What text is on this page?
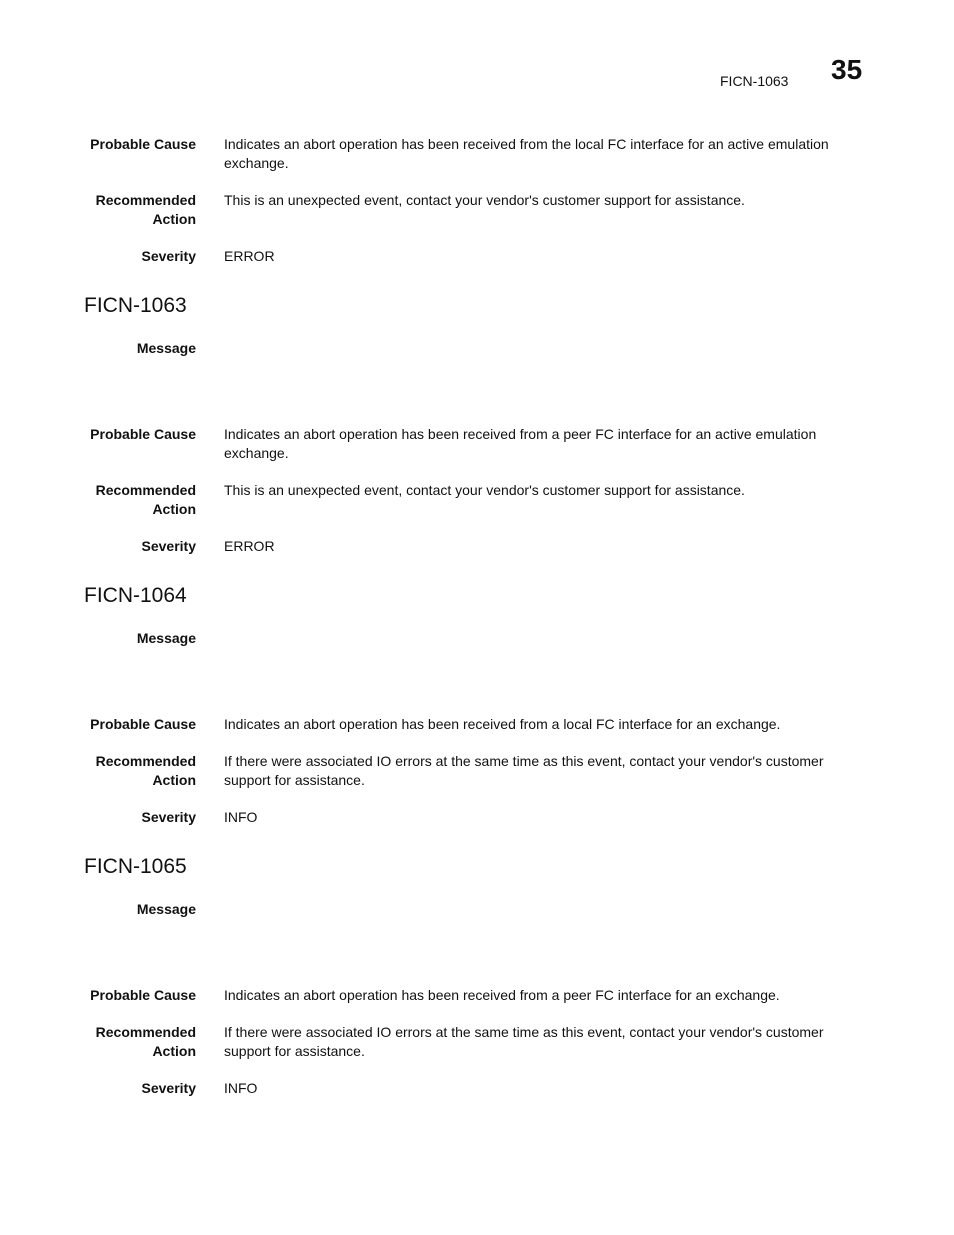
FICN-1063 35
Probable Cause Indicates an abort operation has been received from the local FC interface for an active emulation exchange.
Recommended
Action
This is an unexpected event, contact your vendor's customer support for assistance.
Severity ERROR
FICN-1063
Message
Probable Cause Indicates an abort operation has been received from a peer FC interface for an active emulation exchange.
Recommended
Action
This is an unexpected event, contact your vendor's customer support for assistance.
Severity ERROR
FICN-1064
Message
Probable Cause Indicates an abort operation has been received from a local FC interface for an exchange.
Recommended
Action
If there were associated IO errors at the same time as this event, contact your vendor's customer support for assistance.
Severity INFO
FICN-1065
Message
Probable Cause Indicates an abort operation has been received from a peer FC interface for an exchange.
Recommended
Action
If there were associated IO errors at the same time as this event, contact your vendor's customer support for assistance.
Severity INFO
